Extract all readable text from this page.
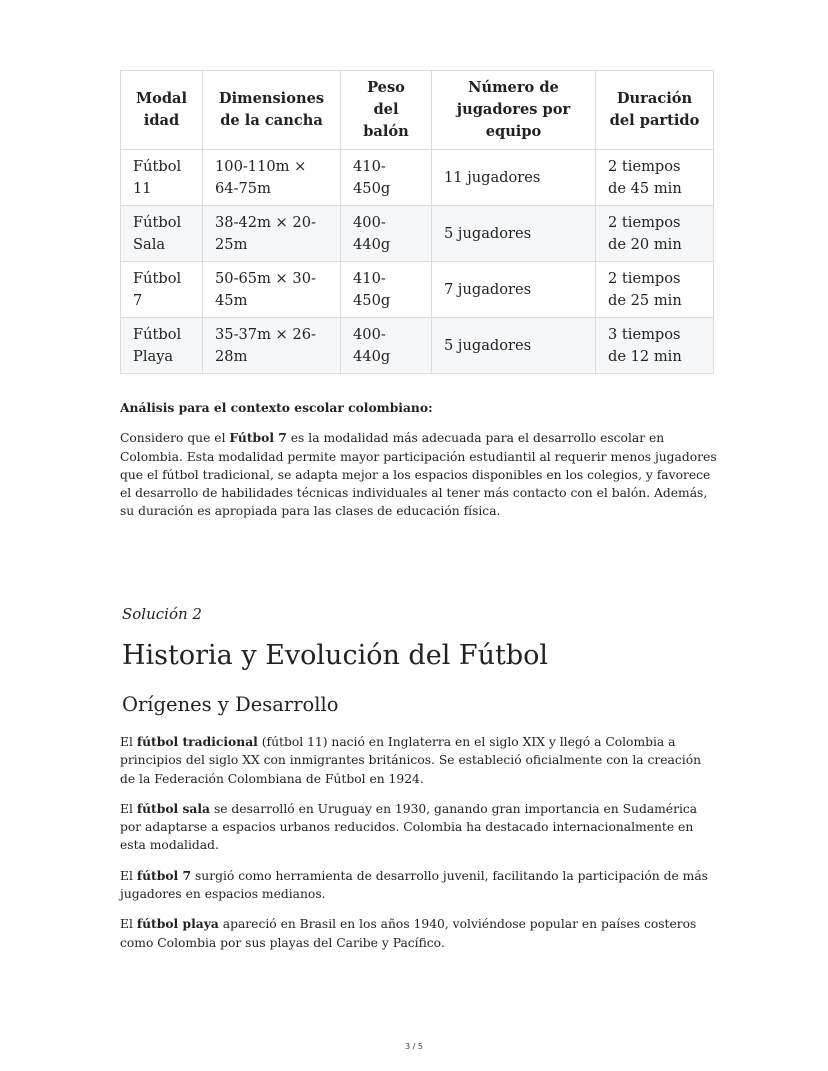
Modal idad	Dimensiones de la cancha	Peso del balón	Número de jugadores por equipo	Duración del partido
Fútbol 11	100-110m × 64-75m	410-450g	11 jugadores	2 tiempos de 45 min
Fútbol Sala	38-42m × 20-25m	400-440g	5 jugadores	2 tiempos de 20 min
Fútbol 7	50-65m × 30-45m	410-450g	7 jugadores	2 tiempos de 25 min
Fútbol Playa	35-37m × 26-28m	400-440g	5 jugadores	3 tiempos de 12 min

Análisis para el contexto escolar colombiano:

Considero que el Fútbol 7 es la modalidad más adecuada para el desarrollo escolar en Colombia. Esta modalidad permite mayor participación estudiantil al requerir menos jugadores que el fútbol tradicional, se adapta mejor a los espacios disponibles en los colegios, y favorece el desarrollo de habilidades técnicas individuales al tener más contacto con el balón. Además, su duración es apropiada para las clases de educación física.

Solución 2
Historia y Evolución del Fútbol
Orígenes y Desarrollo

El fútbol tradicional (fútbol 11) nació en Inglaterra en el siglo XIX y llegó a Colombia a principios del siglo XX con inmigrantes británicos. Se estableció oficialmente con la creación de la Federación Colombiana de Fútbol en 1924.

El fútbol sala se desarrolló en Uruguay en 1930, ganando gran importancia en Sudamérica por adaptarse a espacios urbanos reducidos. Colombia ha destacado internacionalmente en esta modalidad.

El fútbol 7 surgió como herramienta de desarrollo juvenil, facilitando la participación de más jugadores en espacios medianos.

El fútbol playa apareció en Brasil en los años 1940, volviéndose popular en países costeros como Colombia por sus playas del Caribe y Pacífico.

3 / 5
